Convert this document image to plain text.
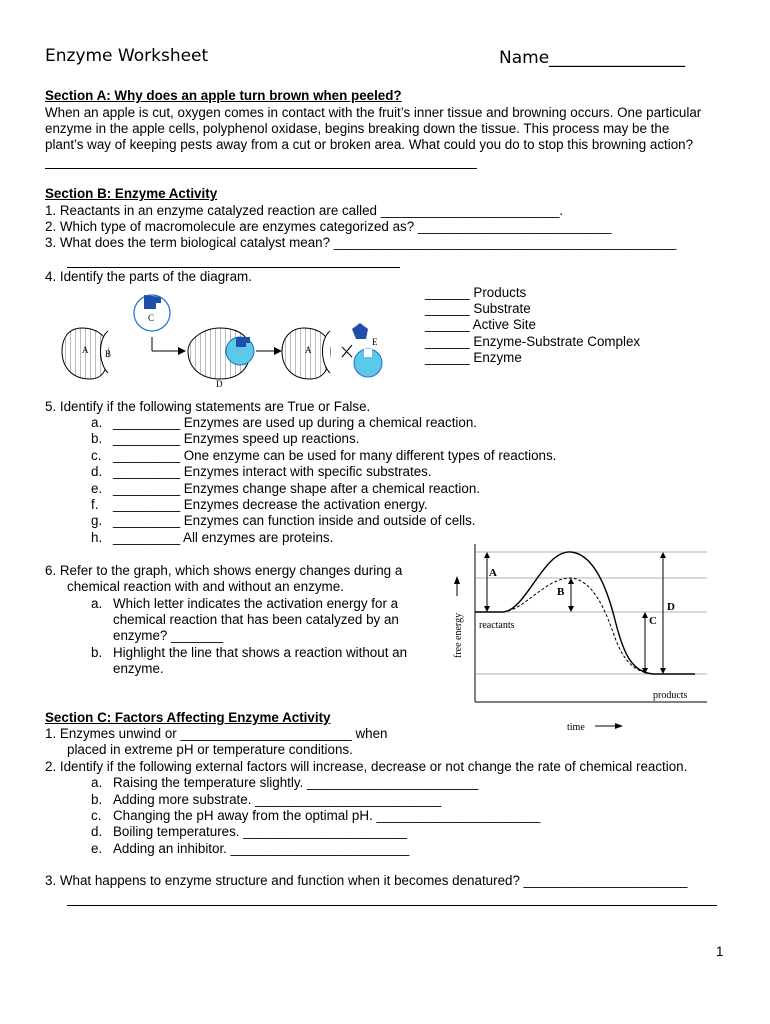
Enzyme Worksheet	Name________________
Section A: Why does an apple turn brown when peeled?
When an apple is cut, oxygen comes in contact with the fruit’s inner tissue and browning occurs. One particular
enzyme in the apple cells, polyphenol oxidase, begins breaking down the tissue. This process may be the
plant’s way of keeping pests away from a cut or broken area. What could you do to stop this browning action?
Section B: Enzyme Activity
1. Reactants in an enzyme catalyzed reaction are called ________________________.
2. Which type of macromolecule are enzymes categorized as? __________________________
3. What does the term biological catalyst mean? ______________________________________________
4. Identify the parts of the diagram.
______ Products
______ Substrate
______ Active Site
______ Enzyme-Substrate Complex
______ Enzyme
C
A B
D
A
E
5. Identify if the following statements are True or False.
a. _________ Enzymes are used up during a chemical reaction.
b. _________ Enzymes speed up reactions.
c. _________ One enzyme can be used for many different types of reactions.
d. _________ Enzymes interact with specific substrates.
e. _________ Enzymes change shape after a chemical reaction.
f. _________ Enzymes decrease the activation energy.
g. _________ Enzymes can function inside and outside of cells.
h. _________ All enzymes are proteins.
6. Refer to the graph, which shows energy changes during a
chemical reaction with and without an enzyme.
a. Which letter indicates the activation energy for a
chemical reaction that has been catalyzed by an
enzyme? _______
b. Highlight the line that shows a reaction without an
enzyme.
A
B
C
D
reactants
products
free energy
time
Section C: Factors Affecting Enzyme Activity
1. Enzymes unwind or _______________________ when
placed in extreme pH or temperature conditions.
2. Identify if the following external factors will increase, decrease or not change the rate of chemical reaction.
a. Raising the temperature slightly. _______________________
b. Adding more substrate. _________________________
c. Changing the pH away from the optimal pH. ______________________
d. Boiling temperatures. ______________________
e. Adding an inhibitor. ________________________
3. What happens to enzyme structure and function when it becomes denatured? ______________________
1
